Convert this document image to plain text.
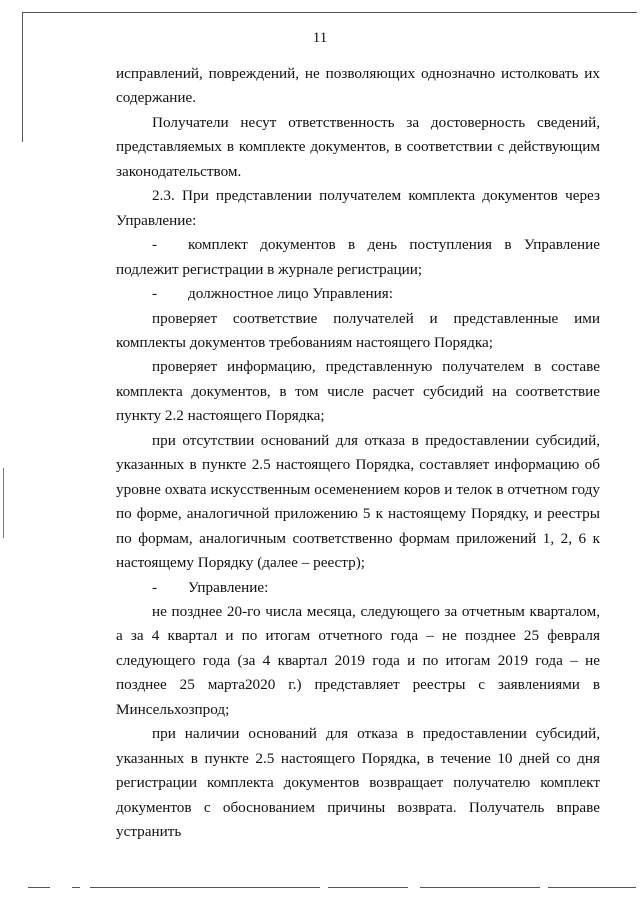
11

исправлений, повреждений, не позволяющих однозначно истолковать их содержание.

Получатели несут ответственность за достоверность сведений, представляемых в комплекте документов, в соответствии с действующим законодательством.

2.3. При представлении получателем комплекта документов через Управление:

- комплект документов в день поступления в Управление подлежит регистрации в журнале регистрации;

- должностное лицо Управления:

проверяет соответствие получателей и представленные ими комплекты документов требованиям настоящего Порядка;

проверяет информацию, представленную получателем в составе комплекта документов, в том числе расчет субсидий на соответствие пункту 2.2 настоящего Порядка;

при отсутствии оснований для отказа в предоставлении субсидий, указанных в пункте 2.5 настоящего Порядка, составляет информацию об уровне охвата искусственным осеменением коров и телок в отчетном году по форме, аналогичной приложению 5 к настоящему Порядку, и реестры по формам, аналогичным соответственно формам приложений 1, 2, 6 к настоящему Порядку (далее – реестр);

- Управление:

не позднее 20-го числа месяца, следующего за отчетным кварталом, а за 4 квартал и по итогам отчетного года – не позднее 25 февраля следующего года (за 4 квартал 2019 года и по итогам 2019 года – не позднее 25 марта2020 г.) представляет реестры с заявлениями в Минсельхозпрод;

при наличии оснований для отказа в предоставлении субсидий, указанных в пункте 2.5 настоящего Порядка, в течение 10 дней со дня регистрации комплекта документов возвращает получателю комплект документов с обоснованием причины возврата. Получатель вправе устранить
